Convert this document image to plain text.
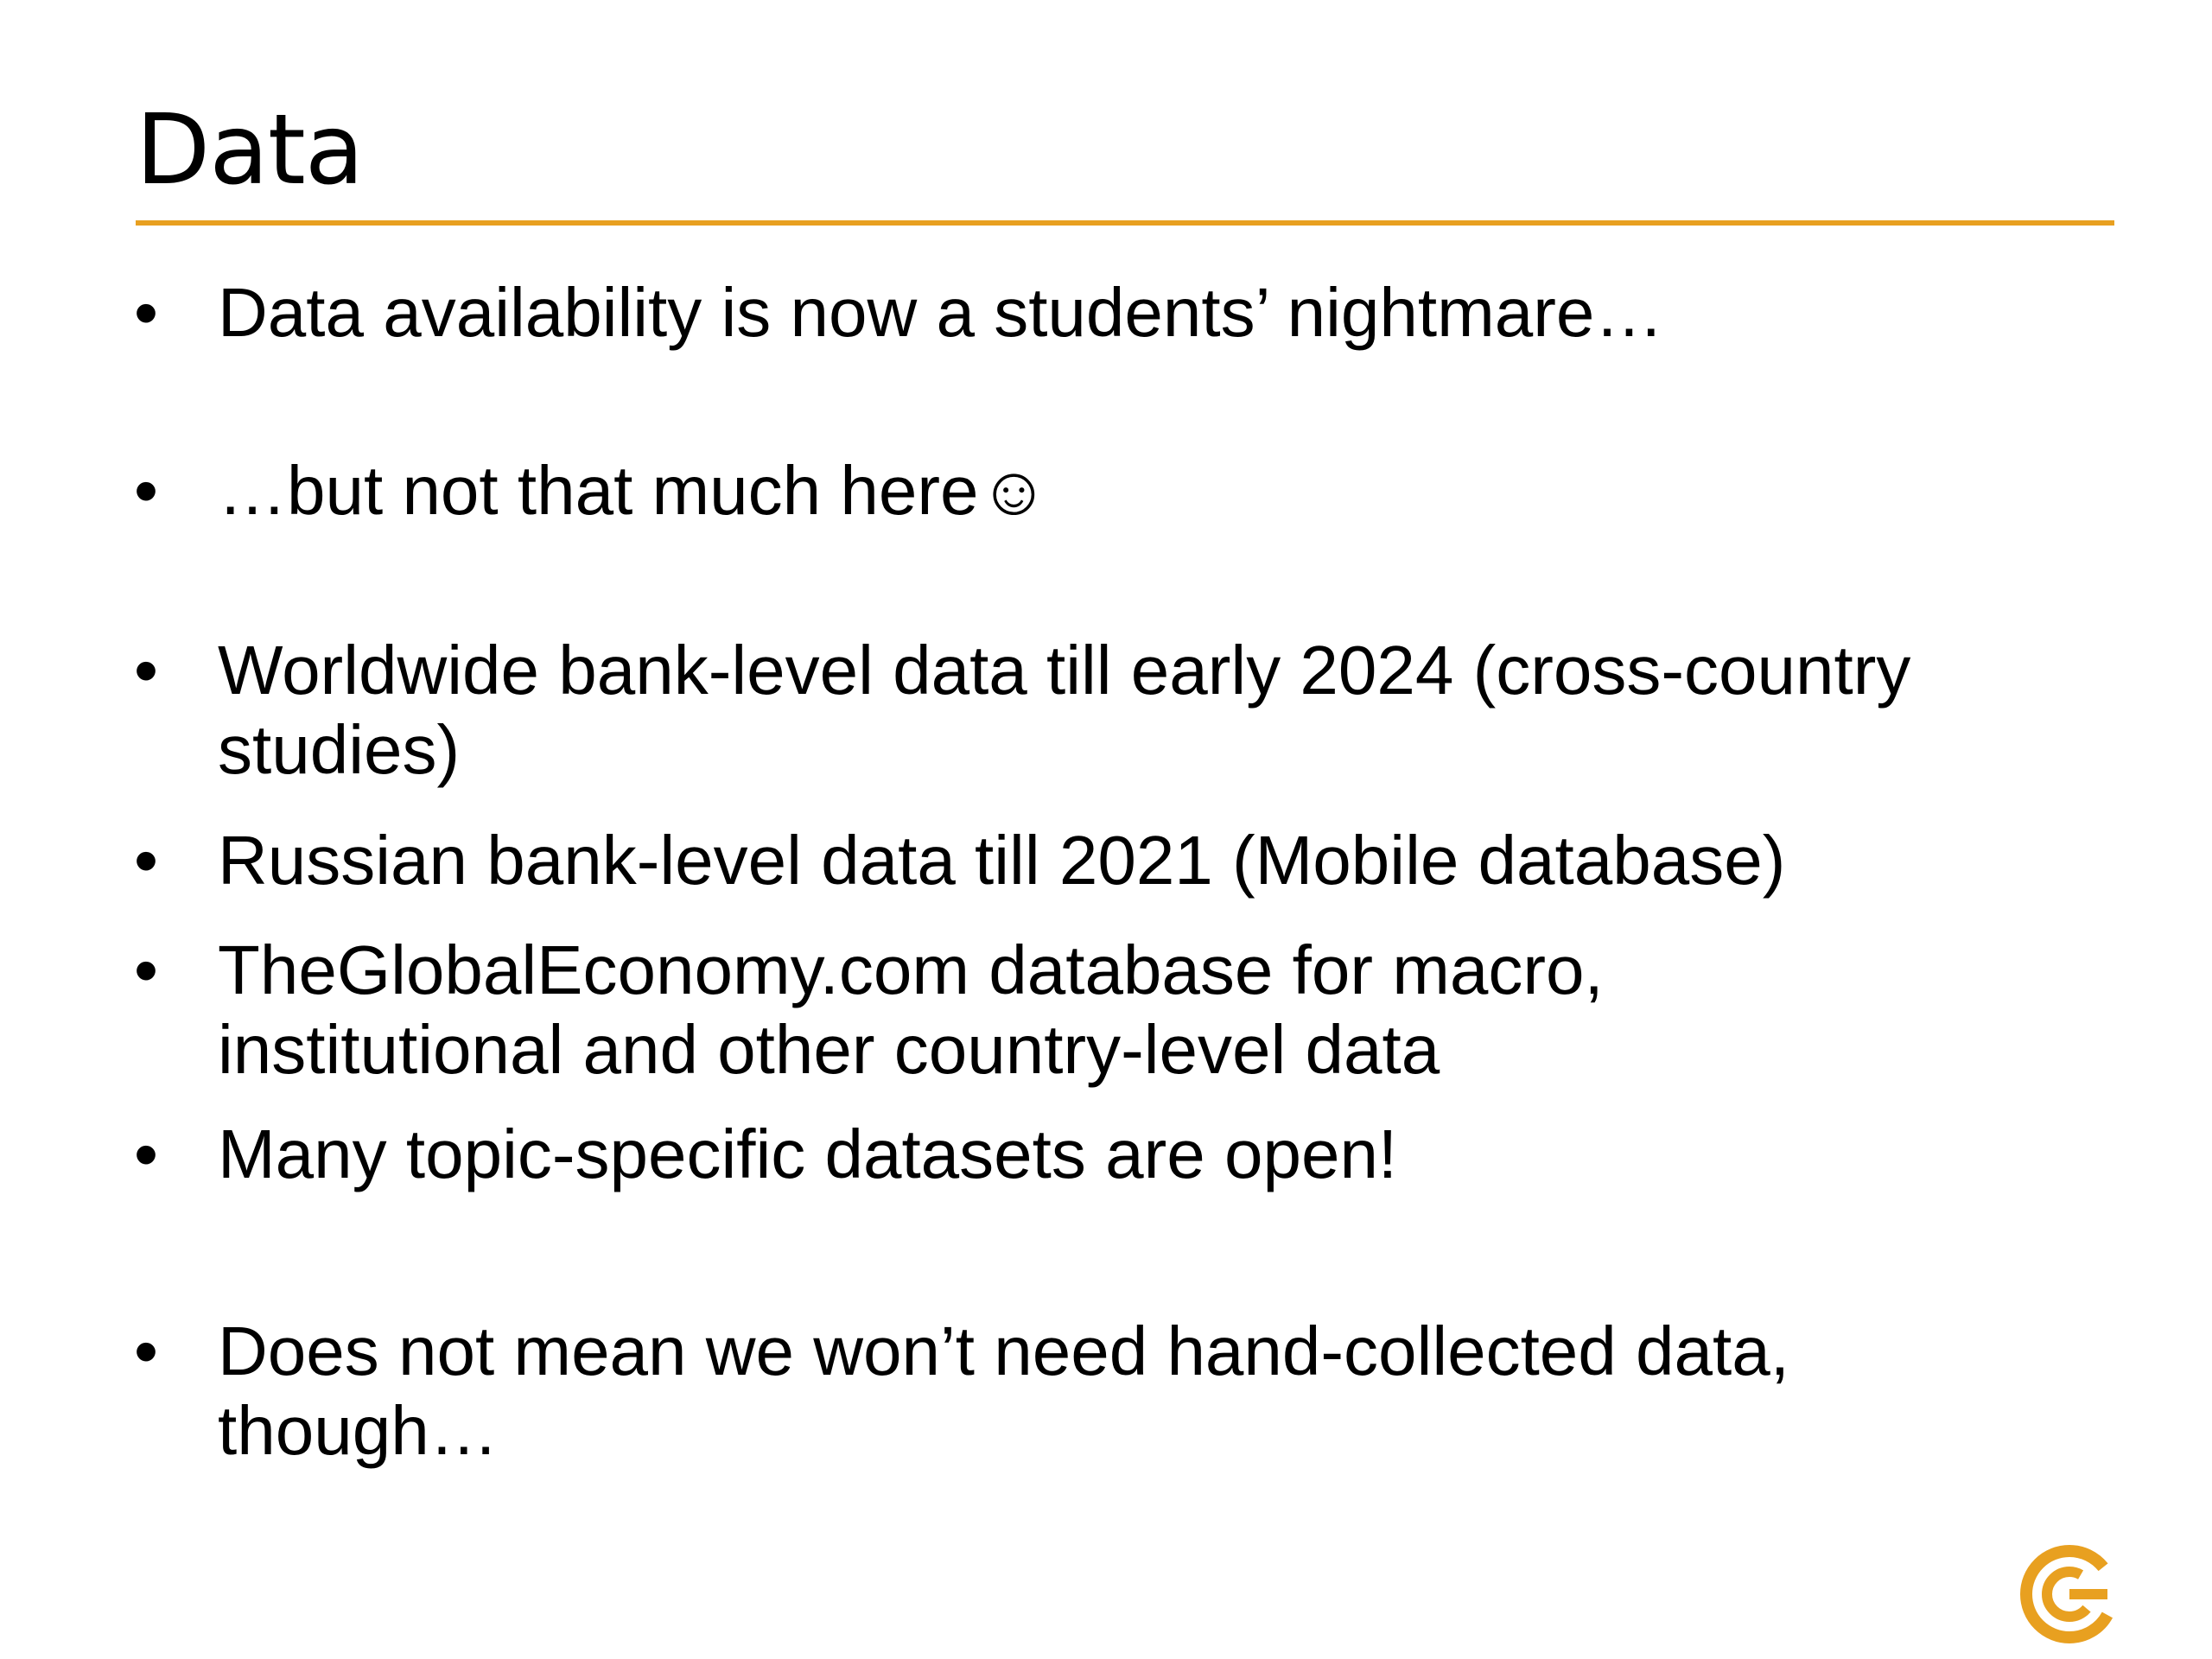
Data
• Data availability is now a students’ nightmare…
• …but not that much here☺
• Worldwide bank-level data till early 2024 (cross-country
studies)
• Russian bank-level data till 2021 (Mobile database)
• TheGlobalEconomy.com database for macro,
institutional and other country-level data
• Many topic-specific datasets are open!
• Does not mean we won’t need hand-collected data,
though…
